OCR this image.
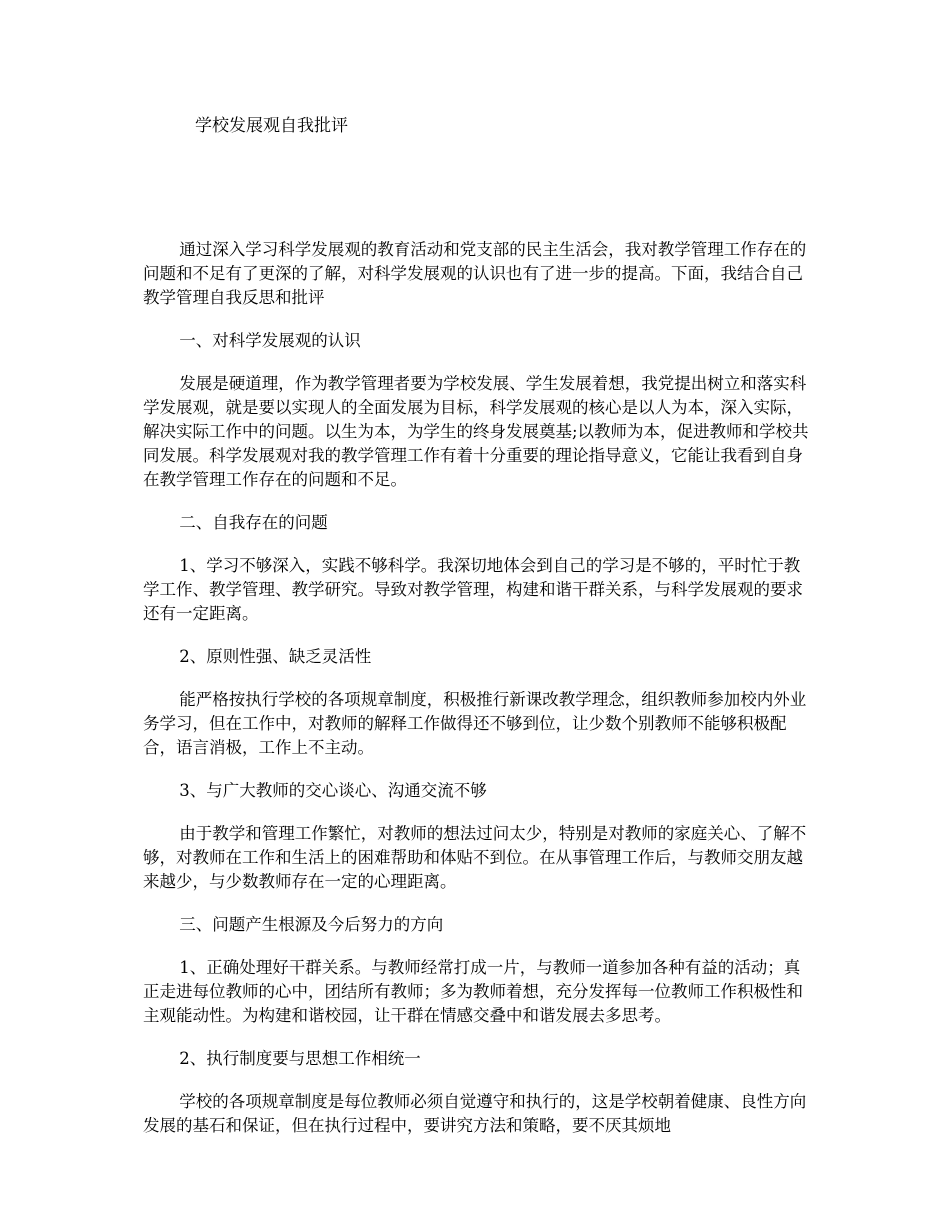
学校发展观自我批评

通过深入学习科学发展观的教育活动和党支部的民主生活会，我对教学管理工作存在的问题和不足有了更深的了解，对科学发展观的认识也有了进一步的提高。下面，我结合自己教学管理自我反思和批评

一、对科学发展观的认识

发展是硬道理，作为教学管理者要为学校发展、学生发展着想，我党提出树立和落实科学发展观，就是要以实现人的全面发展为目标，科学发展观的核心是以人为本，深入实际，解决实际工作中的问题。以生为本，为学生的终身发展奠基;以教师为本，促进教师和学校共同发展。科学发展观对我的教学管理工作有着十分重要的理论指导意义，它能让我看到自身在教学管理工作存在的问题和不足。

二、自我存在的问题

1、学习不够深入，实践不够科学。我深切地体会到自己的学习是不够的，平时忙于教学工作、教学管理、教学研究。导致对教学管理，构建和谐干群关系，与科学发展观的要求还有一定距离。

2、原则性强、缺乏灵活性

能严格按执行学校的各项规章制度，积极推行新课改教学理念，组织教师参加校内外业务学习，但在工作中，对教师的解释工作做得还不够到位，让少数个别教师不能够积极配合，语言消极，工作上不主动。

3、与广大教师的交心谈心、沟通交流不够

由于教学和管理工作繁忙，对教师的想法过问太少，特别是对教师的家庭关心、了解不够，对教师在工作和生活上的困难帮助和体贴不到位。在从事管理工作后，与教师交朋友越来越少，与少数教师存在一定的心理距离。

三、问题产生根源及今后努力的方向

1、正确处理好干群关系。与教师经常打成一片，与教师一道参加各种有益的活动；真正走进每位教师的心中，团结所有教师；多为教师着想，充分发挥每一位教师工作积极性和主观能动性。为构建和谐校园，让干群在情感交叠中和谐发展去多思考。

2、执行制度要与思想工作相统一

学校的各项规章制度是每位教师必须自觉遵守和执行的，这是学校朝着健康、良性方向发展的基石和保证，但在执行过程中，要讲究方法和策略，要不厌其烦地
